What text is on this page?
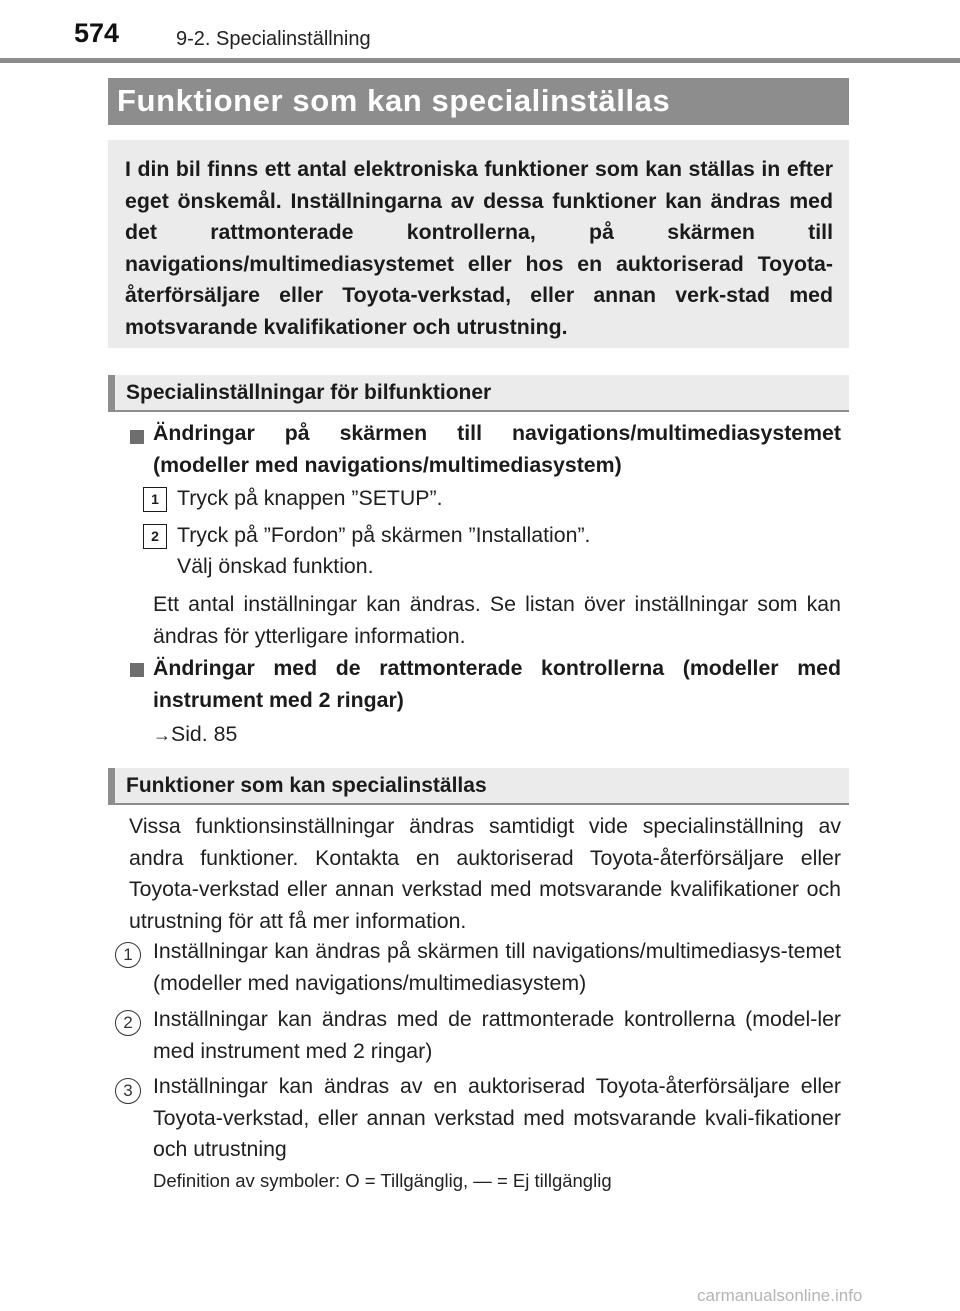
574	9-2. Specialinställning
Funktioner som kan specialinställas

I din bil finns ett antal elektroniska funktioner som kan ställas in efter eget önskemål. Inställningarna av dessa funktioner kan ändras med det rattmonterade kontrollerna, på skärmen till navigations/multimediasystemet eller hos en auktoriserad Toyota-återförsäljare eller Toyota-verkstad, eller annan verk-stad med motsvarande kvalifikationer och utrustning.

Specialinställningar för bilfunktioner
Ändringar på skärmen till navigations/multimediasystemet (modeller med navigations/multimediasystem)
1 Tryck på knappen ”SETUP”.
2 Tryck på ”Fordon” på skärmen ”Installation”.
Välj önskad funktion.
Ett antal inställningar kan ändras. Se listan över inställningar som kan ändras för ytterligare information.
Ändringar med de rattmonterade kontrollerna (modeller med instrument med 2 ringar)
→Sid. 85
Funktioner som kan specialinställas
Vissa funktionsinställningar ändras samtidigt vide specialinställning av andra funktioner. Kontakta en auktoriserad Toyota-återförsäljare eller Toyota-verkstad eller annan verkstad med motsvarande kvalifikationer och utrustning för att få mer information.
1 Inställningar kan ändras på skärmen till navigations/multimediasys-temet (modeller med navigations/multimediasystem)
2 Inställningar kan ändras med de rattmonterade kontrollerna (model-ler med instrument med 2 ringar)
3 Inställningar kan ändras av en auktoriserad Toyota-återförsäljare eller Toyota-verkstad, eller annan verkstad med motsvarande kvali-fikationer och utrustning
Definition av symboler: O = Tillgänglig, — = Ej tillgänglig
carmanualsonline.info
